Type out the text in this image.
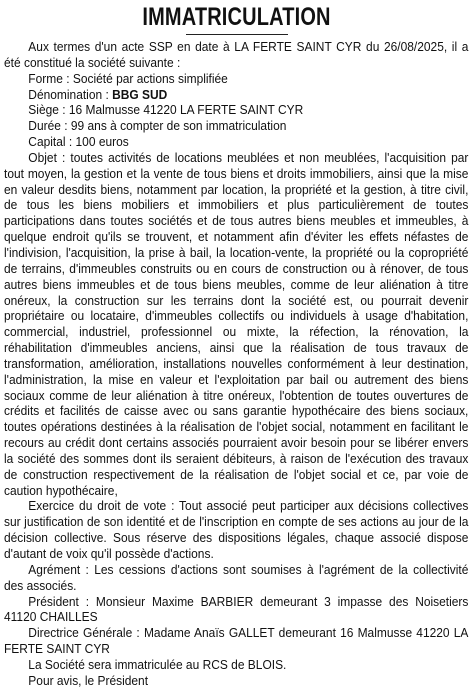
IMMATRICULATION

Aux termes d'un acte SSP en date à LA FERTE SAINT CYR du 26/08/2025, il a été constitué la société suivante :

Forme : Société par actions simplifiée

Dénomination : BBG SUD

Siège : 16 Malmusse 41220 LA FERTE SAINT CYR

Durée : 99 ans à compter de son immatriculation

Capital : 100 euros

Objet : toutes activités de locations meublées et non meublées, l'acquisition par tout moyen, la gestion et la vente de tous biens et droits immobiliers, ainsi que la mise en valeur desdits biens, notamment par location, la propriété et la gestion, à titre civil, de tous les biens mobiliers et immobiliers et plus particulièrement de toutes participations dans toutes sociétés et de tous autres biens meubles et immeubles, à quelque endroit qu'ils se trouvent, et notamment afin d'éviter les effets néfastes de l'indivision, l'acquisition, la prise à bail, la location-vente, la propriété ou la copropriété de terrains, d'immeubles construits ou en cours de construction ou à rénover, de tous autres biens immeubles et de tous biens meubles, comme de leur aliénation à titre onéreux, la construction sur les terrains dont la société est, ou pourrait devenir propriétaire ou locataire, d'immeubles collectifs ou individuels à usage d'habitation, commercial, industriel, professionnel ou mixte, la réfection, la rénovation, la réhabilitation d'immeubles anciens, ainsi que la réalisation de tous travaux de transformation, amélioration, installations nouvelles conformément à leur destination, l'administration, la mise en valeur et l'exploitation par bail ou autrement des biens sociaux comme de leur aliénation à titre onéreux, l'obtention de toutes ouvertures de crédits et facilités de caisse avec ou sans garantie hypothécaire des biens sociaux, toutes opérations destinées à la réalisation de l'objet social, notamment en facilitant le recours au crédit dont certains associés pourraient avoir besoin pour se libérer envers la société des sommes dont ils seraient débiteurs, à raison de l'exécution des travaux de construction respectivement de la réalisation de l'objet social et ce, par voie de caution hypothécaire,

Exercice du droit de vote : Tout associé peut participer aux décisions collectives sur justification de son identité et de l'inscription en compte de ses actions au jour de la décision collective. Sous réserve des dispositions légales, chaque associé dispose d'autant de voix qu'il possède d'actions.

Agrément : Les cessions d'actions sont soumises à l'agrément de la collectivité des associés.

Président : Monsieur Maxime BARBIER demeurant 3 impasse des Noisetiers 41120 CHAILLES

Directrice Générale : Madame Anaïs GALLET demeurant 16 Malmusse 41220 LA FERTE SAINT CYR

La Société sera immatriculée au RCS de BLOIS.

Pour avis, le Président
